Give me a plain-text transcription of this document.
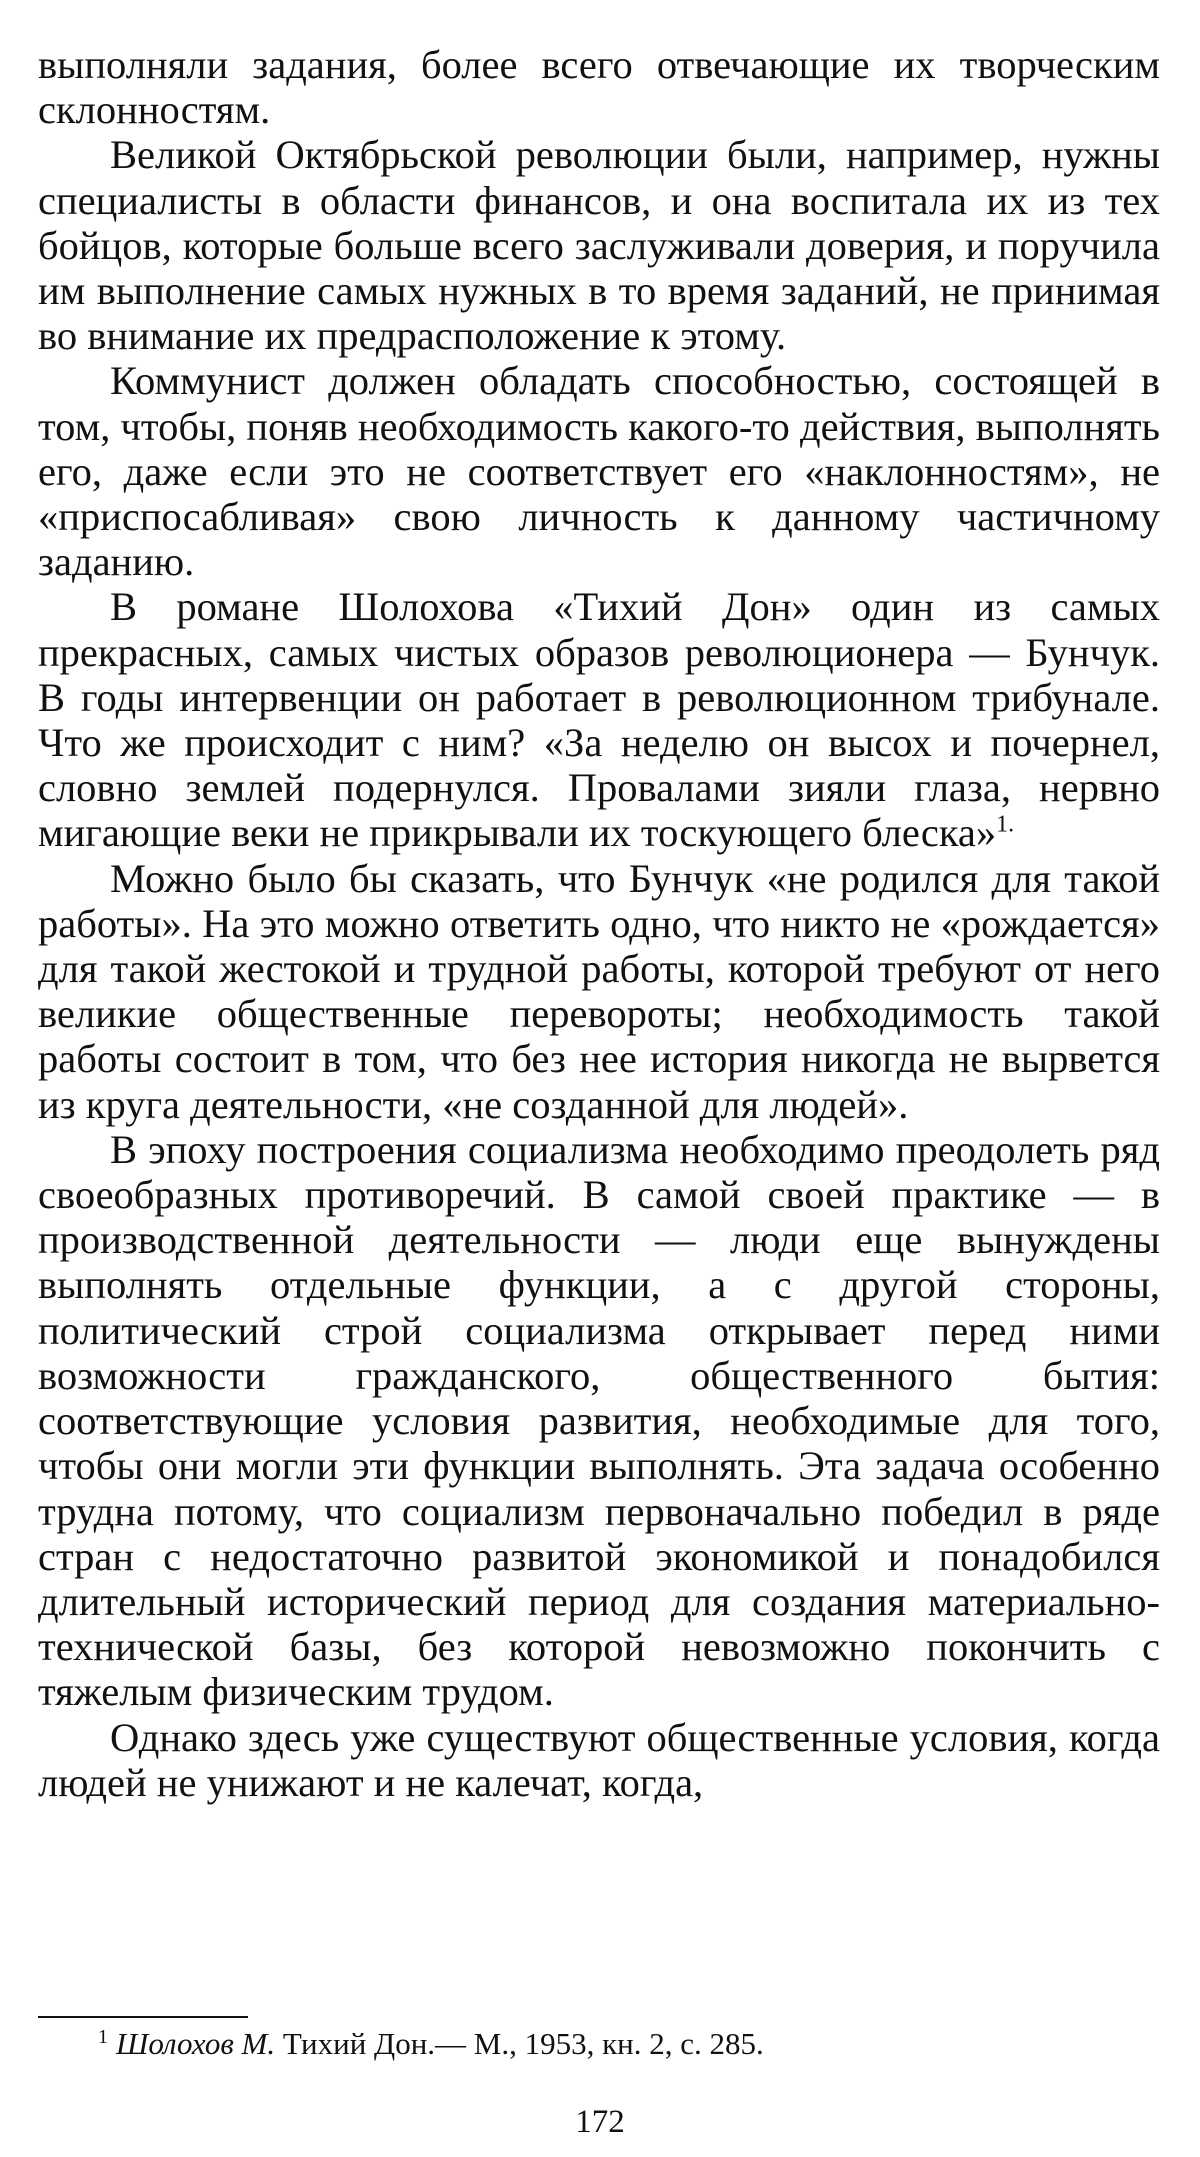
выполняли задания, более всего отвечающие их творческим склонностям.

Великой Октябрьской революции были, например, нужны специалисты в области финансов, и она воспитала их из тех бойцов, которые больше всего заслуживали доверия, и поручила им выполнение самых нужных в то время заданий, не принимая во внимание их предрасположение к этому.

Коммунист должен обладать способностью, состоящей в том, чтобы, поняв необходимость какого-то действия, выполнять его, даже если это не соответствует его «наклонностям», не «приспосабливая» свою личность к данному частичному заданию.

В романе Шолохова «Тихий Дон» один из самых прекрасных, самых чистых образов революционера — Бунчук. В годы интервенции он работает в революционном трибунале. Что же происходит с ним? «За неделю он высох и почернел, словно землей подернулся. Провалами зияли глаза, нервно мигающие веки не прикрывали их тоскующего блеска»$^{1.}$

Можно было бы сказать, что Бунчук «не родился для такой работы». На это можно ответить одно, что никто не «рождается» для такой жестокой и трудной работы, которой требуют от него великие общественные перевороты; необходимость такой работы состоит в том, что без нее история никогда не вырвется из круга деятельности, «не созданной для людей».

В эпоху построения социализма необходимо преодолеть ряд своеобразных противоречий. В самой своей практике — в производственной деятельности — люди еще вынуждены выполнять отдельные функции, а с другой стороны, политический строй социализма открывает перед ними возможности гражданского, общественного бытия: соответствующие условия развития, необходимые для того, чтобы они могли эти функции выполнять. Эта задача особенно трудна потому, что социализм первоначально победил в ряде стран с недостаточно развитой экономикой и понадобился длительный исторический период для создания материально-технической базы, без которой невозможно покончить с тяжелым физическим трудом.

Однако здесь уже существуют общественные условия, когда людей не унижают и не калечат, когда,

$^1$ Шолохов М. Тихий Дон.— М., 1953, кн. 2, с. 285.
172
